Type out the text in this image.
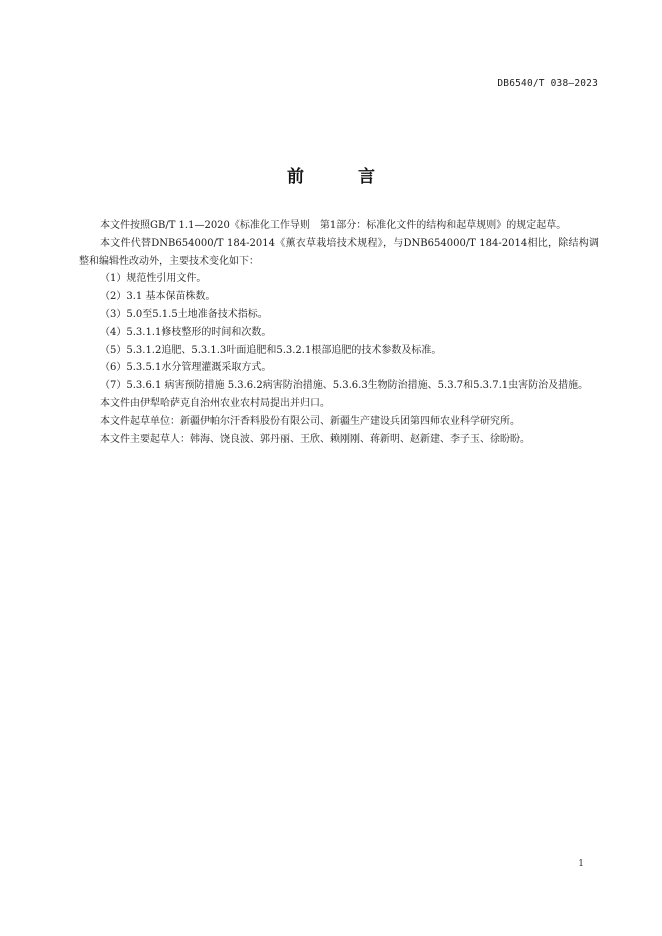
DB6540/T 038—2023
前 言

本文件按照GB/T 1.1—2020《标准化工作导则　第1部分：标准化文件的结构和起草规则》的规定起草。

本文件代替DNB654000/T 184-2014《薰衣草栽培技术规程》，与DNB654000/T 184-2014相比，除结构调整和编辑性改动外，主要技术变化如下：

（1）规范性引用文件。

（2）3.1 基本保苗株数。

（3）5.0至5.1.5土地准备技术指标。

（4）5.3.1.1修枝整形的时间和次数。

（5）5.3.1.2追肥、5.3.1.3叶面追肥和5.3.2.1根部追肥的技术参数及标准。

（6）5.3.5.1水分管理灌溉采取方式。

（7）5.3.6.1 病害预防措施 5.3.6.2病害防治措施、5.3.6.3生物防治措施、5.3.7和5.3.7.1虫害防治及措施。

本文件由伊犁哈萨克自治州农业农村局提出并归口。

本文件起草单位：新疆伊帕尔汗香料股份有限公司、新疆生产建设兵团第四师农业科学研究所。

本文件主要起草人：韩海、饶良波、郭丹丽、王欣、赖刚刚、蒋新明、赵新建、李子玉、徐盼盼。

1
